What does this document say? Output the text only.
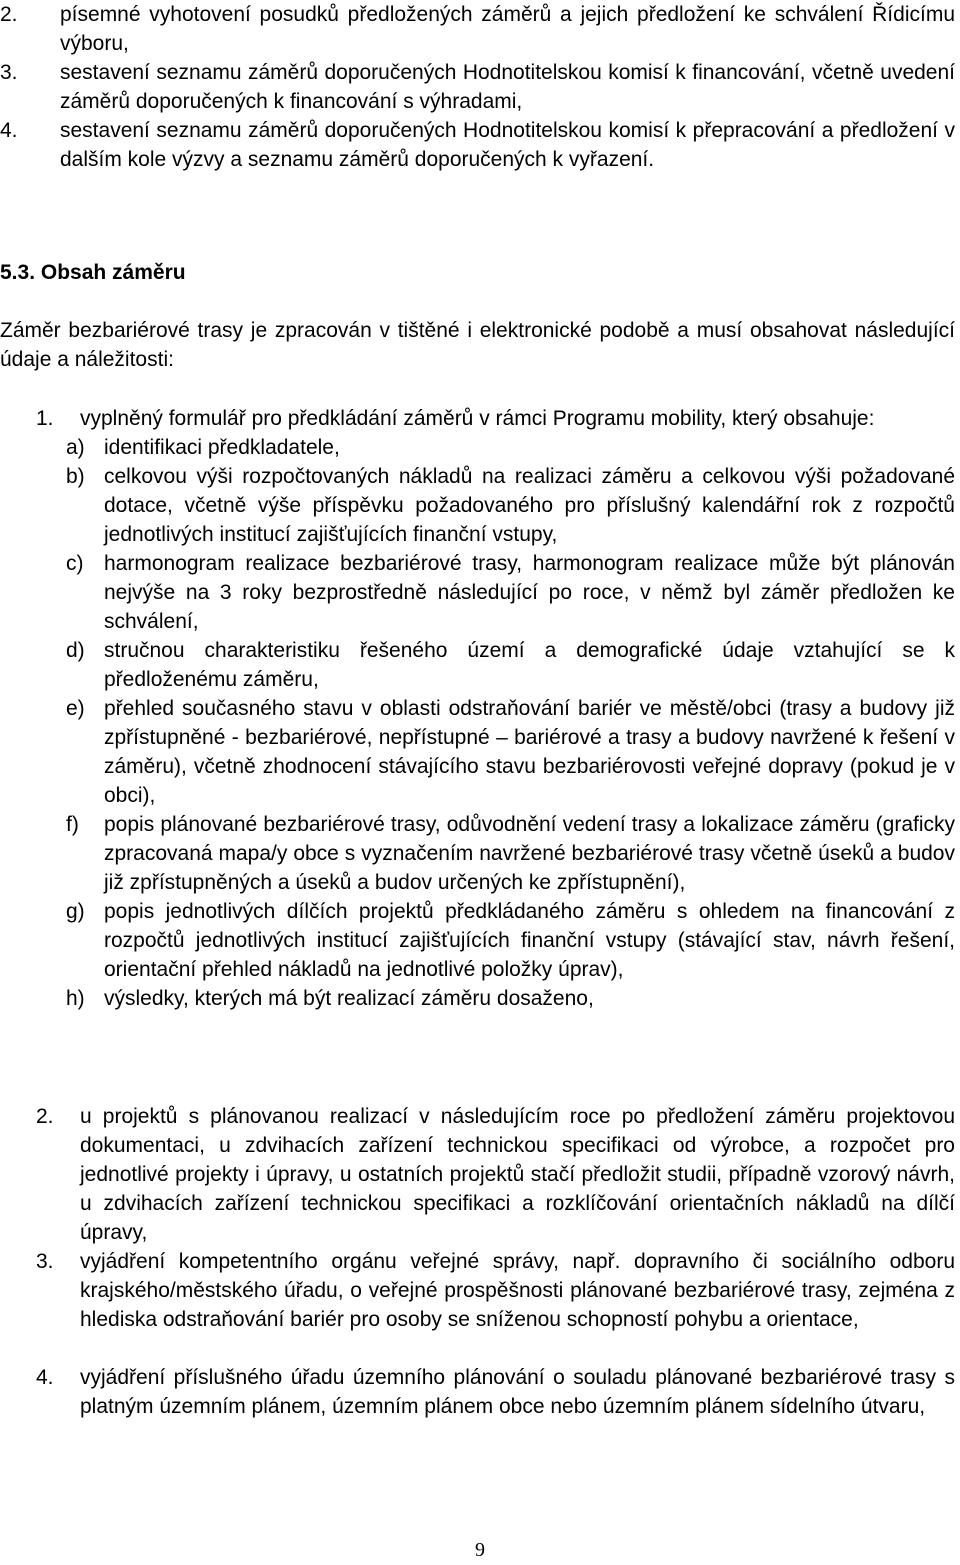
2.	písemné vyhotovení posudků předložených záměrů a jejich předložení ke schválení Řídicímu výboru,

3.	sestavení seznamu záměrů doporučených Hodnotitelskou komisí k financování, včetně uvedení záměrů doporučených k financování s výhradami,

4.	sestavení seznamu záměrů doporučených Hodnotitelskou komisí k přepracování a předložení v dalším kole výzvy a seznamu záměrů doporučených k vyřazení.

5.3. Obsah záměru

Záměr bezbariérové trasy je zpracován v tištěné i elektronické podobě a musí obsahovat následující údaje a náležitosti:

1.	vyplněný formulář pro předkládání záměrů v rámci Programu mobility, který obsahuje:

a) identifikaci předkladatele,

b) celkovou výši rozpočtovaných nákladů na realizaci záměru a celkovou výši požadované dotace, včetně výše příspěvku požadovaného pro příslušný kalendářní rok z rozpočtů jednotlivých institucí zajišťujících finanční vstupy,

c) harmonogram realizace bezbariérové trasy, harmonogram realizace může být plánován nejvýše na 3 roky bezprostředně následující po roce, v němž byl záměr předložen ke schválení,

d) stručnou charakteristiku řešeného území a demografické údaje vztahující se k předloženému záměru,

e) přehled současného stavu v oblasti odstraňování bariér ve městě/obci (trasy a budovy již zpřístupněné - bezbariérové, nepřístupné – bariérové a trasy a budovy navržené k řešení v záměru), včetně zhodnocení stávajícího stavu bezbariérovosti veřejné dopravy (pokud je v obci),

f)	popis plánované bezbariérové trasy, odůvodnění vedení trasy a lokalizace záměru (graficky zpracovaná mapa/y obce s vyznačením navržené bezbariérové trasy včetně úseků a budov již zpřístupněných a úseků a budov určených ke zpřístupnění),

g) popis jednotlivých dílčích projektů předkládaného záměru s ohledem na financování z rozpočtů jednotlivých institucí zajišťujících finanční vstupy (stávající stav, návrh řešení, orientační přehled nákladů na jednotlivé položky úprav),

h) výsledky, kterých má být realizací záměru dosaženo,

2.	u projektů s plánovanou realizací v následujícím roce po předložení záměru projektovou dokumentaci, u zdvihacích zařízení technickou specifikaci od výrobce, a rozpočet pro jednotlivé projekty i úpravy, u ostatních projektů stačí předložit studii, případně vzorový návrh, u zdvihacích zařízení technickou specifikaci a rozklíčování orientačních nákladů na dílčí úpravy,

3.	vyjádření kompetentního orgánu veřejné správy, např. dopravního či sociálního odboru krajského/městského úřadu, o veřejné prospěšnosti plánované bezbariérové trasy, zejména z hlediska odstraňování bariér pro osoby se sníženou schopností pohybu a orientace,

4.	vyjádření příslušného úřadu územního plánování o souladu plánované bezbariérové trasy s platným územním plánem, územním plánem obce nebo územním plánem sídelního útvaru,

9
